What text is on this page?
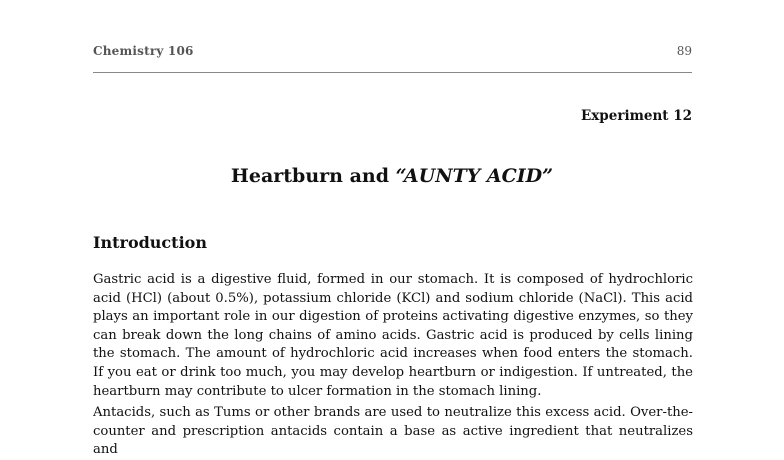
Chemistry 106	89
Experiment 12
Heartburn and “AUNTY ACID”
Introduction

Gastric acid is a digestive fluid, formed in our stomach. It is composed of hydrochloric acid (HCl) (about 0.5%), potassium chloride (KCl) and sodium chloride (NaCl). This acid plays an important role in our digestion of proteins activating digestive enzymes, so they can break down the long chains of amino acids. Gastric acid is produced by cells lining the stomach. The amount of hydrochloric acid increases when food enters the stomach. If you eat or drink too much, you may develop heartburn or indigestion. If untreated, the heartburn may contribute to ulcer formation in the stomach lining.

Antacids, such as Tums or other brands are used to neutralize this excess acid. Over-the-counter and prescription antacids contain a base as active ingredient that neutralizes and
